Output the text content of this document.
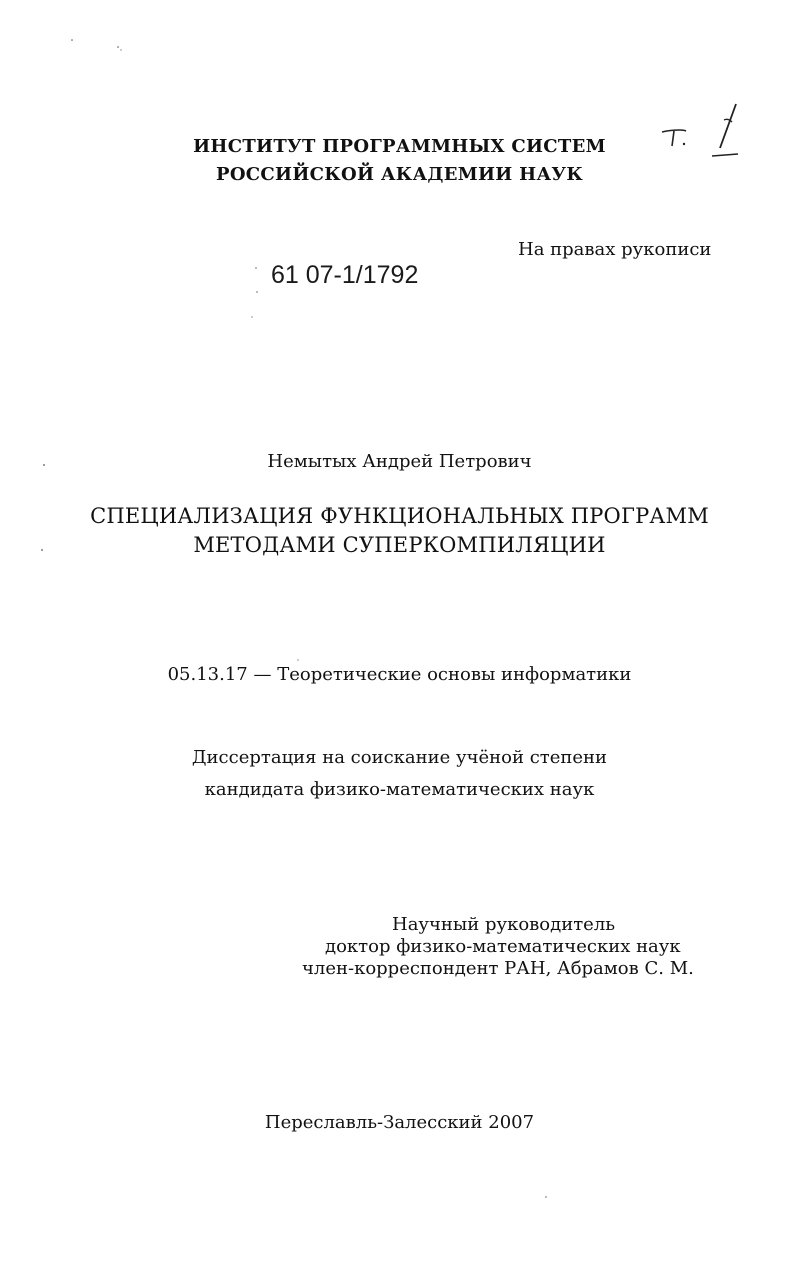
ИНСТИТУТ ПРОГРАММНЫХ СИСТЕМ
РОССИЙСКОЙ АКАДЕМИИ НАУК
На правах рукописи
61 07-1/1792
Немытых Андрей Петрович
СПЕЦИАЛИЗАЦИЯ ФУНКЦИОНАЛЬНЫХ ПРОГРАММ
МЕТОДАМИ СУПЕРКОМПИЛЯЦИИ
05.13.17 — Теоретические основы информатики
Диссертация на соискание учёной степени
кандидата физико-математических наук
Научный руководитель
доктор физико-математических наук
член-корреспондент РАН, Абрамов С. М.
Переславль-Залесский 2007
